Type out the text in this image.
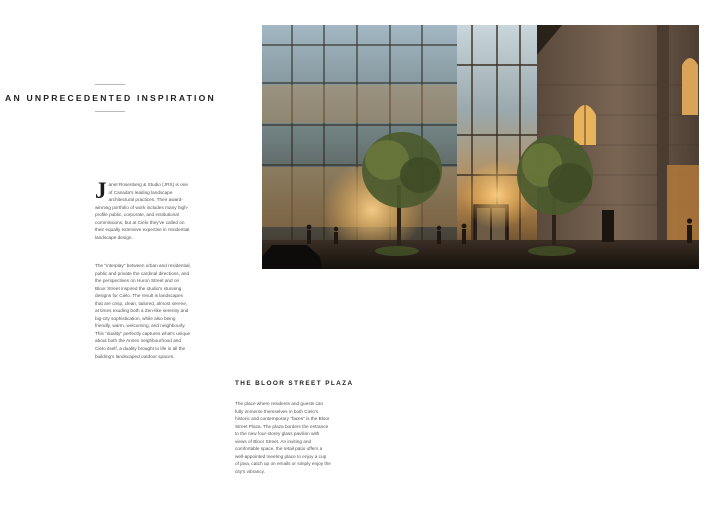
AN UNPRECEDENTED INSPIRATION
J anet Rosenberg & Studio (JRS) is one of Canada's leading landscape architectural practices. Their award-winning portfolio of work includes many high-profile public, corporate, and institutional commissions, but at Cielo they've called on their equally extensive expertise in residential landscape design.
The "interplay" between urban and residential, public and private the cardinal directions, and the perspectives on Huron Street and on Bloor Street inspired the studio's stunning designs for Cielo. The result is landscapes that are crisp, clean, tailored, almost serene, at times exuding both a Zen-like serenity and big-city sophistication, while also being friendly, warm, welcoming, and neighbourly. This "duality" perfectly captures what's unique about both the Annex neighbourhood and Cielo itself, a duality brought to life in all the building's landscaped outdoor spaces.
THE BLOOR STREET PLAZA
The place where residents and guests can fully immerse themselves in both Cielo's historic and contemporary "faces" is the Bloor Street Plaza. The plaza borders the entrance to the new four-storey glass pavilion with views of Bloor Street. An inviting and comfortable space, the retail patio offers a well-appointed meeting place to enjoy a cup of java, catch up on emails or simply enjoy the city's vibrancy.
